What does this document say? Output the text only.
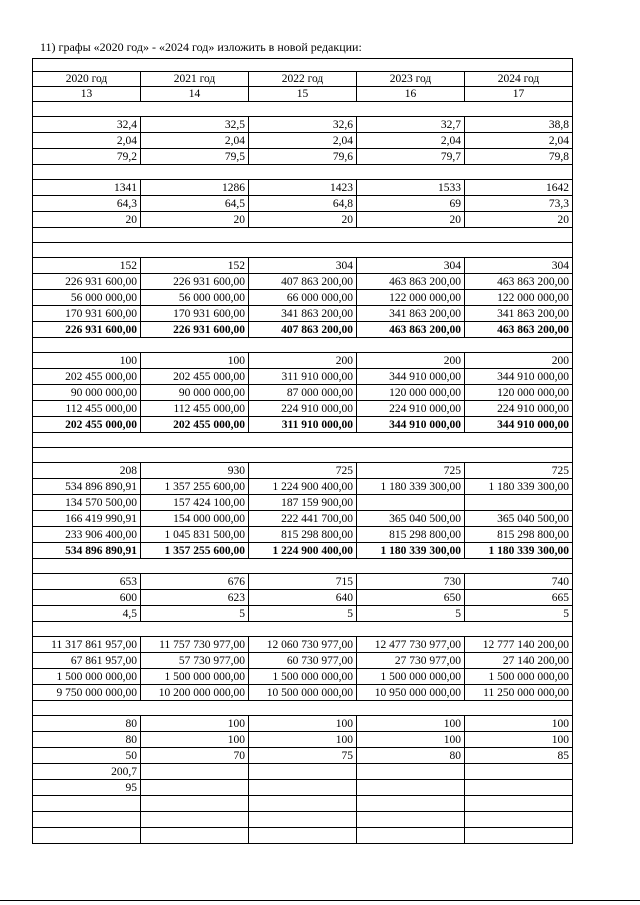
11) графы «2020 год» - «2024 год» изложить в новой редакции:

2020 год	2021 год	2022 год	2023 год	2024 год
13	14	15	16	17

32,4	32,5	32,6	32,7	38,8
2,04	2,04	2,04	2,04	2,04
79,2	79,5	79,6	79,7	79,8

1341	1286	1423	1533	1642
64,3	64,5	64,8	69	73,3
20	20	20	20	20

152	152	304	304	304
226 931 600,00	226 931 600,00	407 863 200,00	463 863 200,00	463 863 200,00
56 000 000,00	56 000 000,00	66 000 000,00	122 000 000,00	122 000 000,00
170 931 600,00	170 931 600,00	341 863 200,00	341 863 200,00	341 863 200,00
226 931 600,00	226 931 600,00	407 863 200,00	463 863 200,00	463 863 200,00

100	100	200	200	200
202 455 000,00	202 455 000,00	311 910 000,00	344 910 000,00	344 910 000,00
90 000 000,00	90 000 000,00	87 000 000,00	120 000 000,00	120 000 000,00
112 455 000,00	112 455 000,00	224 910 000,00	224 910 000,00	224 910 000,00
202 455 000,00	202 455 000,00	311 910 000,00	344 910 000,00	344 910 000,00

208	930	725	725	725
534 896 890,91	1 357 255 600,00	1 224 900 400,00	1 180 339 300,00	1 180 339 300,00
134 570 500,00	157 424 100,00	187 159 900,00		
166 419 990,91	154 000 000,00	222 441 700,00	365 040 500,00	365 040 500,00
233 906 400,00	1 045 831 500,00	815 298 800,00	815 298 800,00	815 298 800,00
534 896 890,91	1 357 255 600,00	1 224 900 400,00	1 180 339 300,00	1 180 339 300,00

653	676	715	730	740
600	623	640	650	665
4,5	5	5	5	5

11 317 861 957,00	11 757 730 977,00	12 060 730 977,00	12 477 730 977,00	12 777 140 200,00
67 861 957,00	57 730 977,00	60 730 977,00	27 730 977,00	27 140 200,00
1 500 000 000,00	1 500 000 000,00	1 500 000 000,00	1 500 000 000,00	1 500 000 000,00
9 750 000 000,00	10 200 000 000,00	10 500 000 000,00	10 950 000 000,00	11 250 000 000,00

80	100	100	100	100
80	100	100	100	100
50	70	75	80	85
200,7				
95				
